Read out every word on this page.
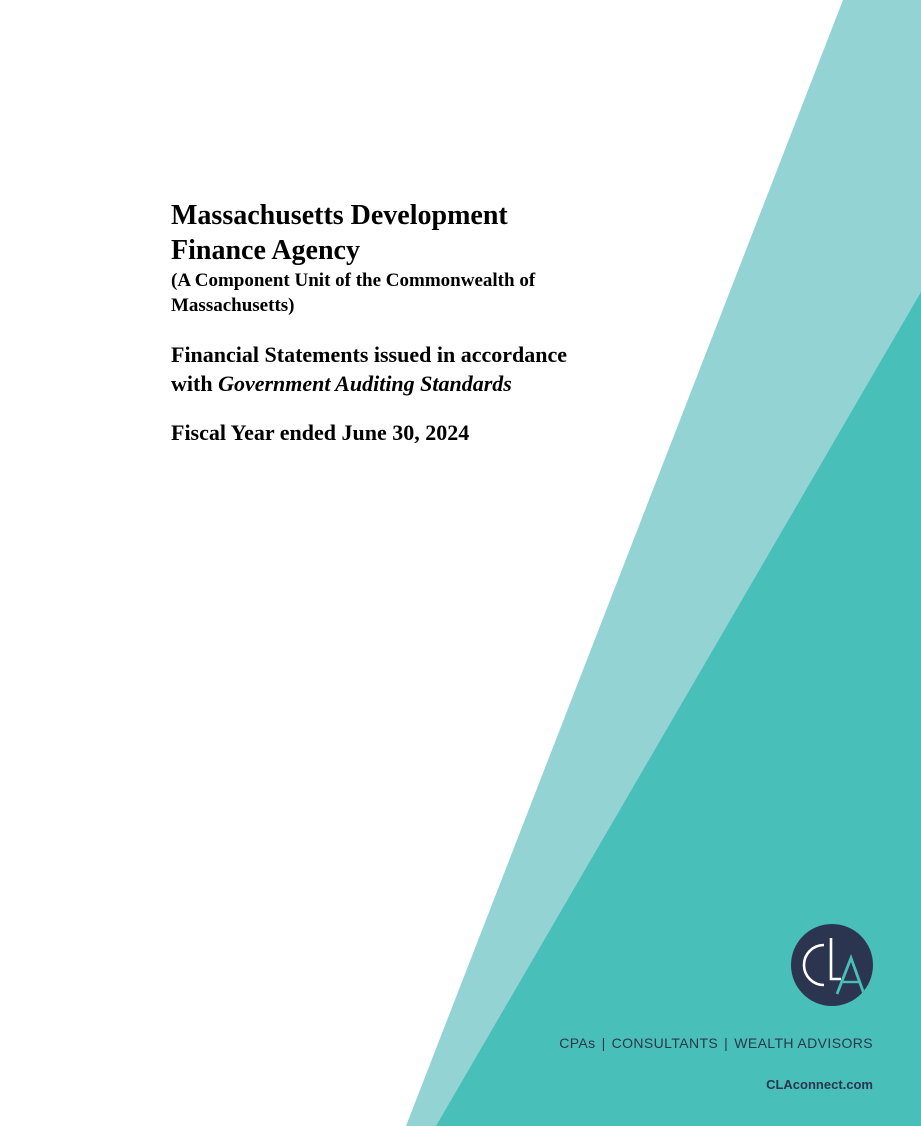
Massachusetts Development

Finance Agency

(A Component Unit of the Commonwealth of

Massachusetts)

Financial Statements issued in accordance

with Government Auditing Standards

Fiscal Year ended June 30, 2024

CPAs | CONSULTANTS | WEALTH ADVISORS
CLAconnect.com
